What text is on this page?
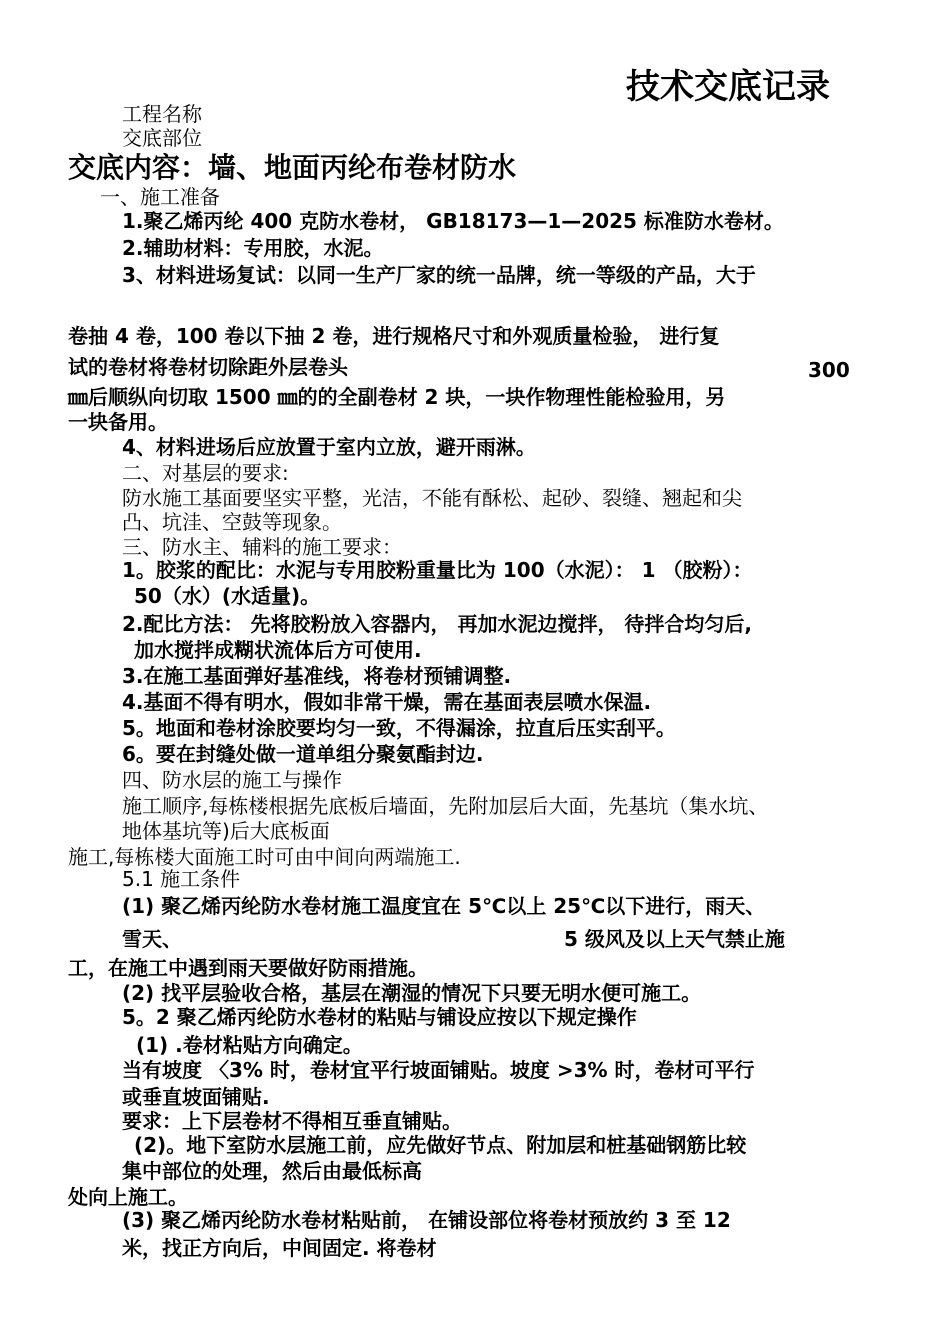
技术交底记录
工程名称
交底部位
交底内容：墙、地面丙纶布卷材防水
一、施工准备
1.聚乙烯丙纶 400 克防水卷材， GB18173—1—2025 标准防水卷材。
2.辅助材料：专用胶，水泥。
3、材料进场复试：以同一生产厂家的统一品牌，统一等级的产品，大于
卷抽 4 卷，100 卷以下抽 2 卷，进行规格尺寸和外观质量检验， 进行复
试的卷材将卷材切除距外层卷头	300
㎜后顺纵向切取 1500 ㎜的的全副卷材 2 块，一块作物理性能检验用，另
一块备用。
4、材料进场后应放置于室内立放，避开雨淋。
二、对基层的要求:
防水施工基面要坚实平整，光洁，不能有酥松、起砂、裂缝、翘起和尖
凸、坑洼、空鼓等现象。
三、防水主、辅料的施工要求：
1。胶浆的配比：水泥与专用胶粉重量比为 100（水泥）： 1 （胶粉）：
50（水）(水适量)。
2.配比方法： 先将胶粉放入容器内， 再加水泥边搅拌， 待拌合均匀后,
加水搅拌成糊状流体后方可使用.
3.在施工基面弹好基准线，将卷材预铺调整.
4.基面不得有明水，假如非常干燥，需在基面表层喷水保温.
5。地面和卷材涂胶要均匀一致，不得漏涂，拉直后压实刮平。
6。要在封缝处做一道单组分聚氨酯封边.
四、防水层的施工与操作
施工顺序,每栋楼根据先底板后墙面，先附加层后大面，先基坑（集水坑、
地体基坑等)后大底板面
施工,每栋楼大面施工时可由中间向两端施工.
5.1 施工条件
(1) 聚乙烯丙纶防水卷材施工温度宜在 5℃以上 25℃以下进行，雨天、
雪天、	5 级风及以上天气禁止施
工，在施工中遇到雨天要做好防雨措施。
(2) 找平层验收合格，基层在潮湿的情况下只要无明水便可施工。
5。2 聚乙烯丙纶防水卷材的粘贴与铺设应按以下规定操作
(1) .卷材粘贴方向确定。
当有坡度 〈3% 时，卷材宜平行坡面铺贴。坡度 >3% 时，卷材可平行
或垂直坡面铺贴.
要求：上下层卷材不得相互垂直铺贴。
(2)。地下室防水层施工前，应先做好节点、附加层和桩基础钢筋比较
集中部位的处理，然后由最低标高
处向上施工。
(3) 聚乙烯丙纶防水卷材粘贴前， 在铺设部位将卷材预放约 3 至 12
米，找正方向后，中间固定. 将卷材
